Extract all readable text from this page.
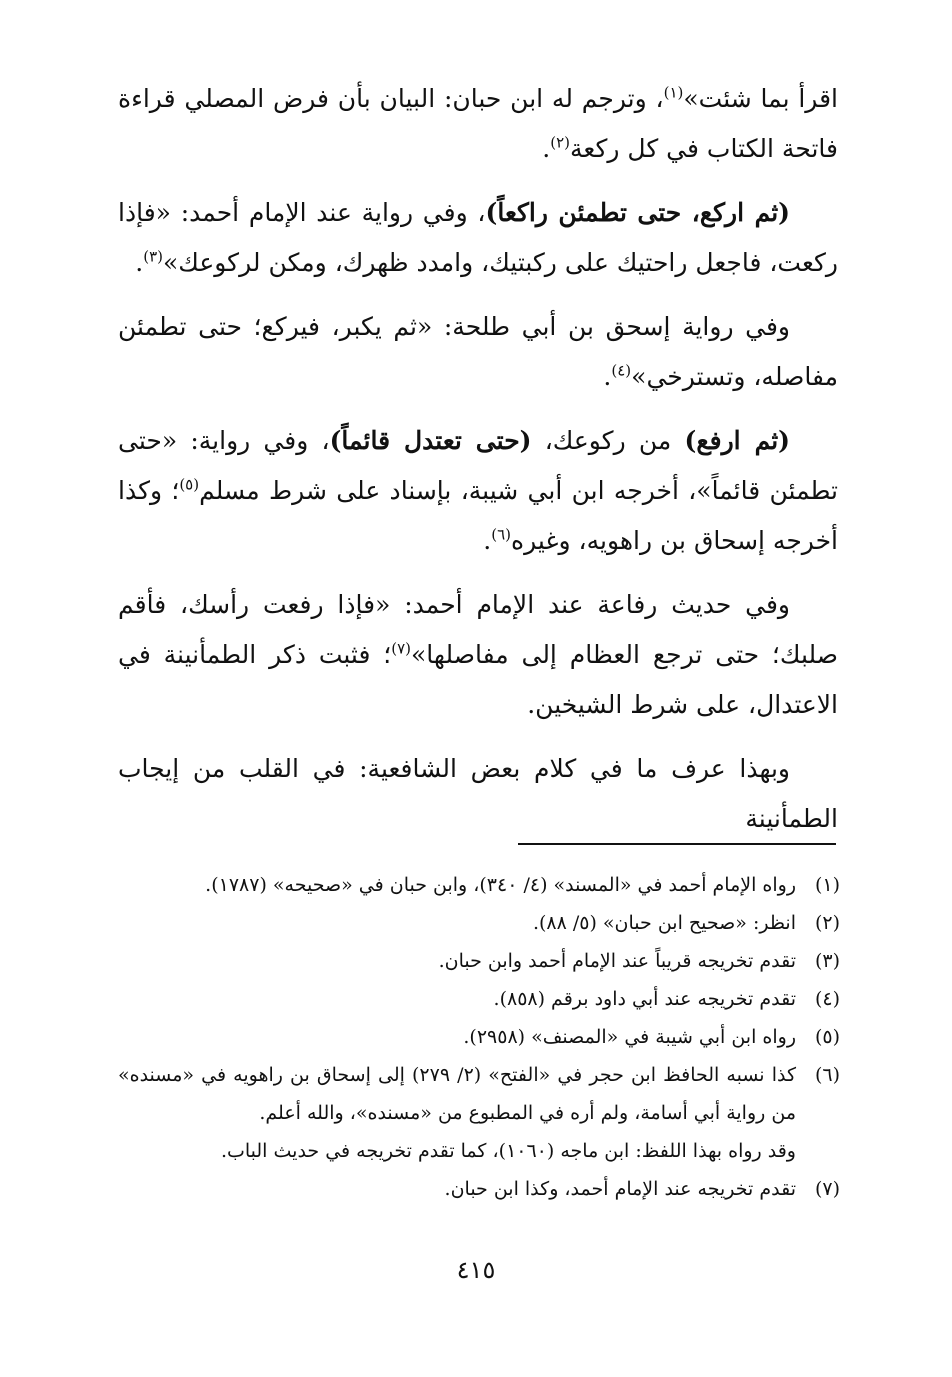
اقرأ بما شئت»$^{(١)}$، وترجم له ابن حبان: البيان بأن فرض المصلي قراءة فاتحة الكتاب في كل ركعة$^{(٢)}$.

(ثم اركع، حتى تطمئن راكعاً)، وفي رواية عند الإمام أحمد: «فإذا ركعت، فاجعل راحتيك على ركبتيك، وامدد ظهرك، ومكن لركوعك»$^{(٣)}$.

وفي رواية إسحق بن أبي طلحة: «ثم يكبر، فيركع؛ حتى تطمئن مفاصله، وتسترخي»$^{(٤)}$.

(ثم ارفع) من ركوعك، (حتى تعتدل قائماً)، وفي رواية: «حتى تطمئن قائماً»، أخرجه ابن أبي شيبة، بإسناد على شرط مسلم$^{(٥)}$؛ وكذا أخرجه إسحاق بن راهويه، وغيره$^{(٦)}$.

وفي حديث رفاعة عند الإمام أحمد: «فإذا رفعت رأسك، فأقم صلبك؛ حتى ترجع العظام إلى مفاصلها»$^{(٧)}$؛ فثبت ذكر الطمأنينة في الاعتدال، على شرط الشيخين.

وبهذا عرف ما في كلام بعض الشافعية: في القلب من إيجاب الطمأنينة

(١)
رواه الإمام أحمد في «المسند» (٤/ ٣٤٠)، وابن حبان في «صحيحه» (١٧٨٧).
(٢)
انظر: «صحيح ابن حبان» (٥/ ٨٨).
(٣)
تقدم تخريجه قريباً عند الإمام أحمد وابن حبان.
(٤)
تقدم تخريجه عند أبي داود برقم (٨٥٨).
(٥)
رواه ابن أبي شيبة في «المصنف» (٢٩٥٨).
(٦)
كذا نسبه الحافظ ابن حجر في «الفتح» (٢/ ٢٧٩) إلى إسحاق بن راهويه في «مسنده» من رواية أبي أسامة، ولم أره في المطبوع من «مسنده»، والله أعلم.
وقد رواه بهذا اللفظ: ابن ماجه (١٠٦٠)، كما تقدم تخريجه في حديث الباب.
(٧)
تقدم تخريجه عند الإمام أحمد، وكذا ابن حبان.
٤١٥
